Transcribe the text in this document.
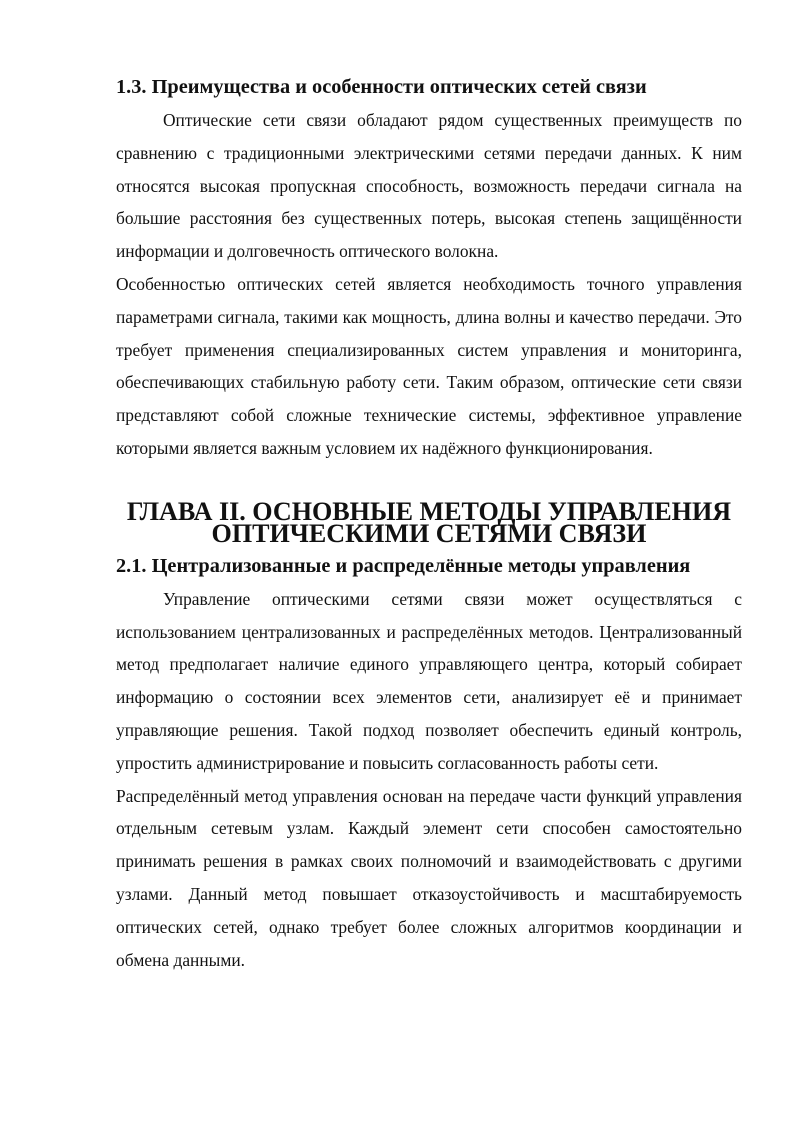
1.3. Преимущества и особенности оптических сетей связи

Оптические сети связи обладают рядом существенных преимуществ по сравнению с традиционными электрическими сетями передачи данных. К ним относятся высокая пропускная способность, возможность передачи сигнала на большие расстояния без существенных потерь, высокая степень защищённости информации и долговечность оптического волокна.

Особенностью оптических сетей является необходимость точного управления параметрами сигнала, такими как мощность, длина волны и качество передачи. Это требует применения специализированных систем управления и мониторинга, обеспечивающих стабильную работу сети. Таким образом, оптические сети связи представляют собой сложные технические системы, эффективное управление которыми является важным условием их надёжного функционирования.

ГЛАВА II. ОСНОВНЫЕ МЕТОДЫ УПРАВЛЕНИЯ ОПТИЧЕСКИМИ СЕТЯМИ СВЯЗИ
2.1. Централизованные и распределённые методы управления

Управление оптическими сетями связи может осуществляться с использованием централизованных и распределённых методов. Централизованный метод предполагает наличие единого управляющего центра, который собирает информацию о состоянии всех элементов сети, анализирует её и принимает управляющие решения. Такой подход позволяет обеспечить единый контроль, упростить администрирование и повысить согласованность работы сети.

Распределённый метод управления основан на передаче части функций управления отдельным сетевым узлам. Каждый элемент сети способен самостоятельно принимать решения в рамках своих полномочий и взаимодействовать с другими узлами. Данный метод повышает отказоустойчивость и масштабируемость оптических сетей, однако требует более сложных алгоритмов координации и обмена данными.
